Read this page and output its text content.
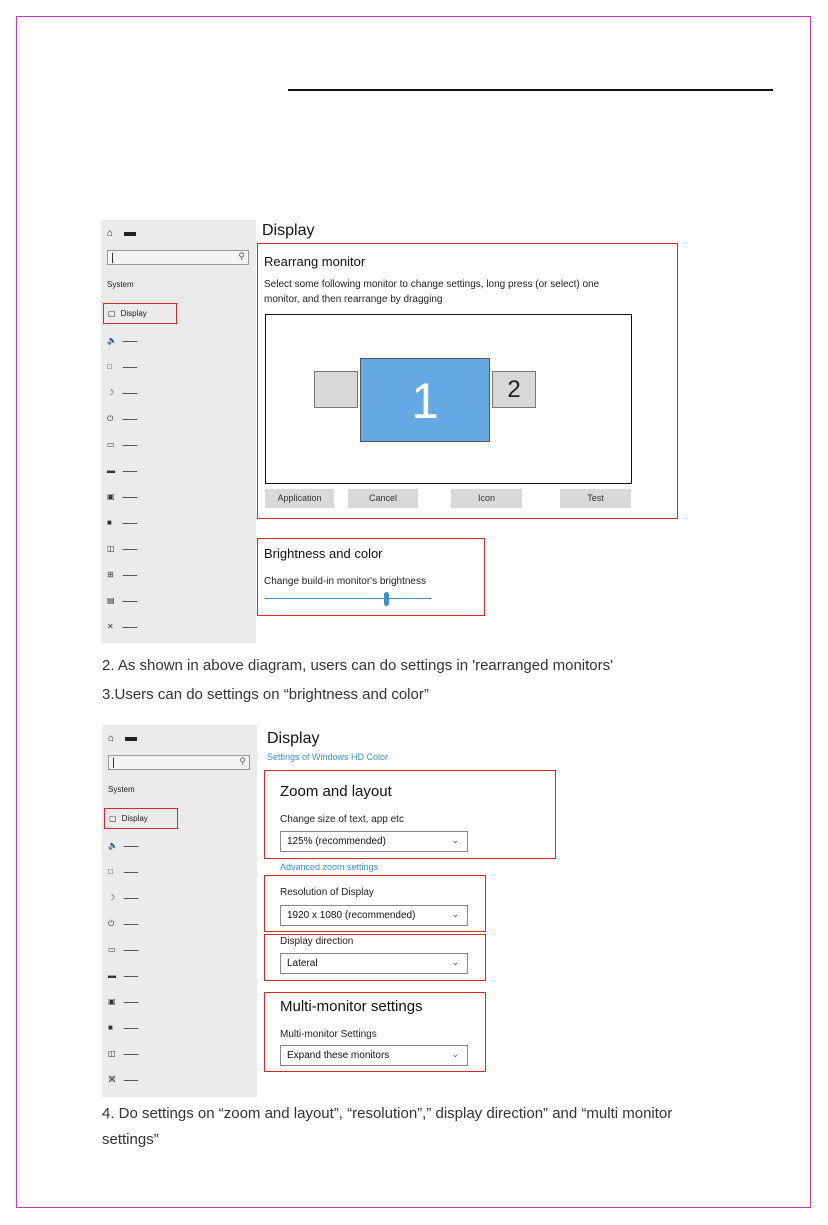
⌂
⚲
System
▢ Display
🔈
□
☽
⏻
▭
▬
▣
■
◫
⊞
▤
✕
Display
Rearrang monitor
Select some following monitor to change settings, long press (or select) one
monitor, and then rearrange by dragging
1	2
Application	Cancel	Icon	Test
Brightness and color
Change build-in monitor's brightness
2. As shown in above diagram, users can do settings in 'rearranged monitors'
3.Users can do settings on “brightness and color”
⌂
⚲
System
▢ Display
🔈
□
☽
⏻
▭
▬
▣
■
◫
⌘
Display
Settings of Windows HD Color
Zoom and layout
Change size of text, app etc
125% (recommended)	⌄
Advanced zoom settings
Resolution of Display
1920 x 1080 (recommended)	⌄
Display direction
Lateral	⌄
Multi-monitor settings
Multi-monitor Settings
Expand these monitors	⌄
4. Do settings on “zoom and layout”, “resolution”,” display direction” and “multi monitor
settings”
